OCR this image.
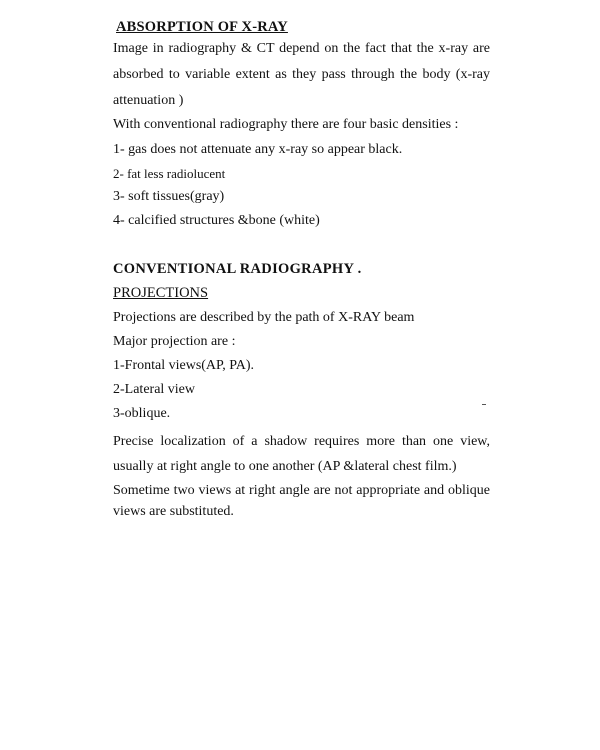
ABSORPTION OF X-RAY
Image in radiography & CT depend on the fact that the x-ray are
absorbed to variable extent as they pass through the body (x-ray
attenuation )
With conventional radiography there are four basic densities :
1- gas does not attenuate any x-ray so appear black.
2- fat less radiolucent
3- soft tissues(gray)
4- calcified structures &bone (white)
CONVENTIONAL RADIOGRAPHY .
PROJECTIONS
Projections are described by the path of X-RAY beam
Major projection are :
1-Frontal views(AP, PA).
2-Lateral view
3-oblique.
Precise localization of a shadow requires more than one view,
usually at right angle to one another (AP &lateral chest film.)
Sometime two views at right angle are not appropriate and oblique
views are substituted.
